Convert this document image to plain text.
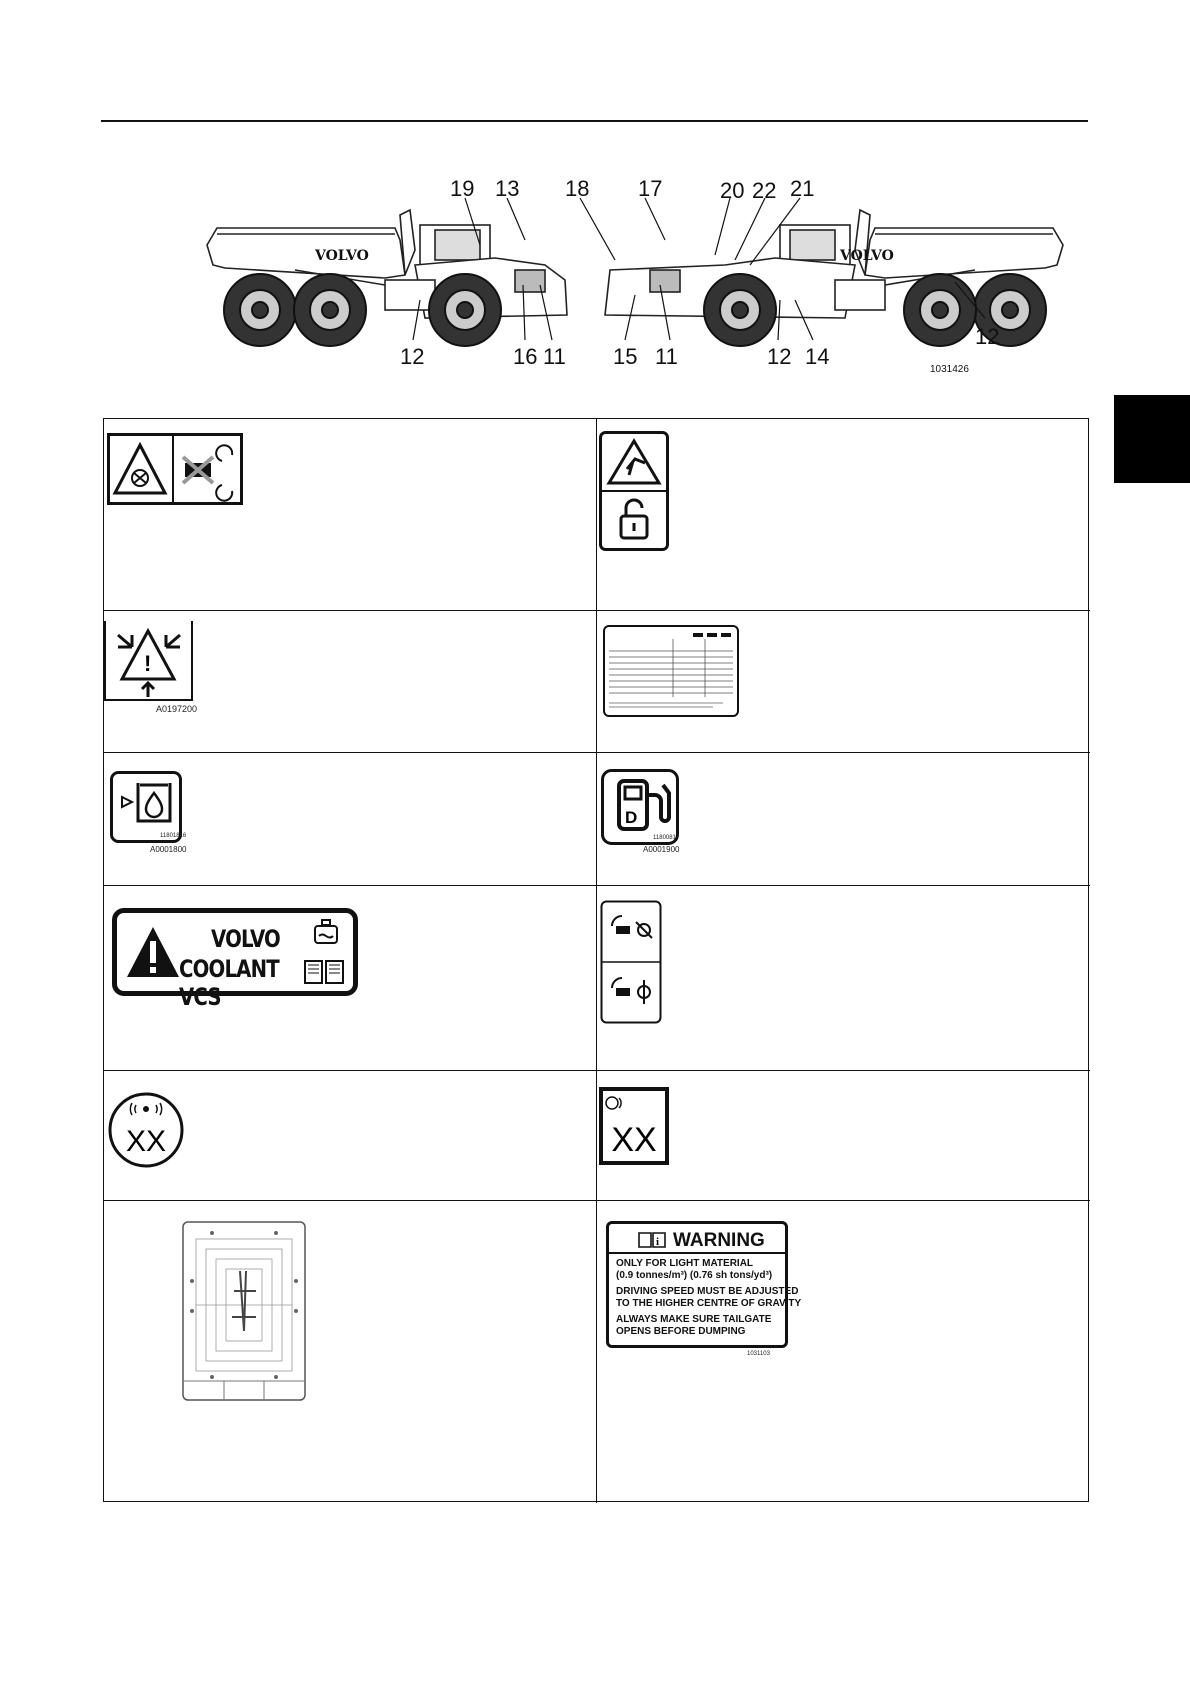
VOLVO	VOLVO
19 13 18 17	20 22 21
12	16 11 15 11	12 14
12
1031426
!
A0197200
11801816
A0001800
D
11800817
A0001900
VOLVO
COOLANT VCS
XX	XX
i WARNING
ONLY FOR LIGHT MATERIAL
(0.9 tonnes/m³) (0.76 sh tons/yd³)
DRIVING SPEED MUST BE ADJUSTED
TO THE HIGHER CENTRE OF GRAVITY
ALWAYS MAKE SURE TAILGATE
OPENS BEFORE DUMPING
1031103
